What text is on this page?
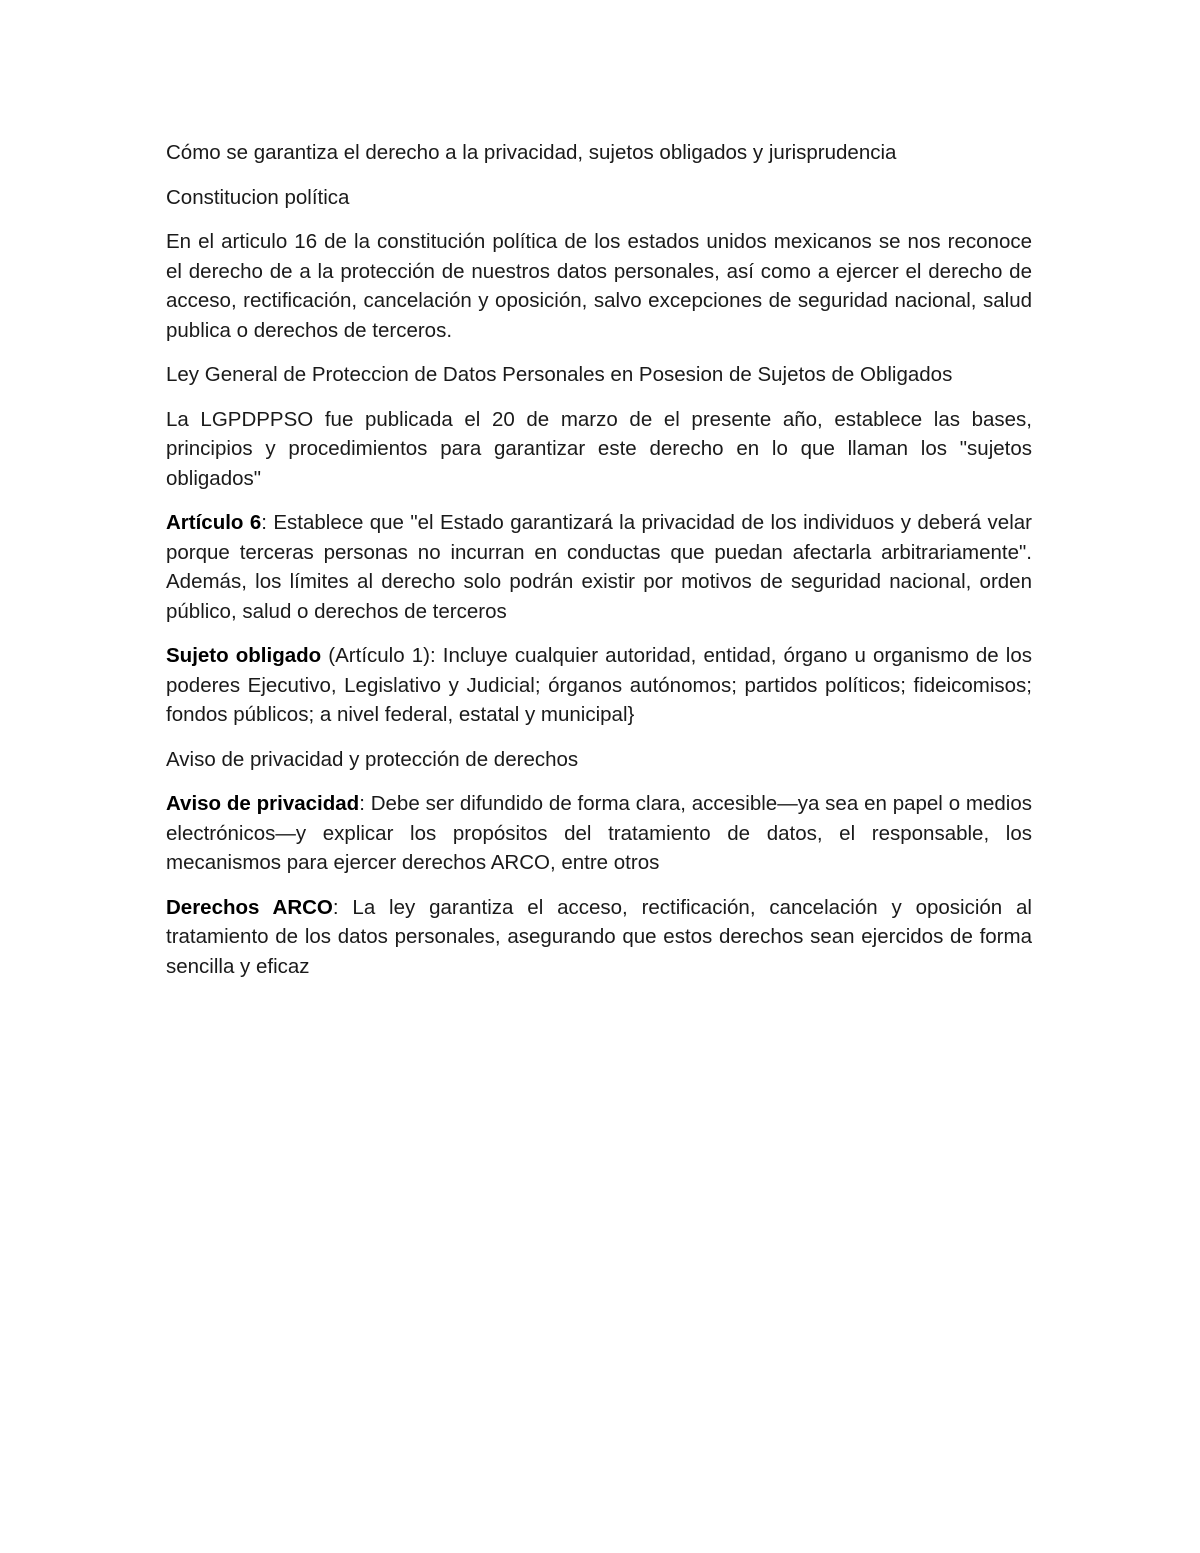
Cómo se garantiza el derecho a la privacidad, sujetos obligados y jurisprudencia

Constitucion política

En el articulo 16 de la constitución política de los estados unidos mexicanos se nos reconoce el derecho de a la protección de nuestros datos personales, así como a ejercer el derecho de acceso, rectificación, cancelación y oposición, salvo excepciones de seguridad nacional, salud publica o derechos de terceros.

Ley General de Proteccion de Datos Personales en Posesion de Sujetos de Obligados

La LGPDPPSO fue publicada el 20 de marzo de el presente año, establece las bases, principios y procedimientos para garantizar este derecho en lo que llaman los "sujetos obligados"

Artículo 6: Establece que "el Estado garantizará la privacidad de los individuos y deberá velar porque terceras personas no incurran en conductas que puedan afectarla arbitrariamente". Además, los límites al derecho solo podrán existir por motivos de seguridad nacional, orden público, salud o derechos de terceros

Sujeto obligado (Artículo 1): Incluye cualquier autoridad, entidad, órgano u organismo de los poderes Ejecutivo, Legislativo y Judicial; órganos autónomos; partidos políticos; fideicomisos; fondos públicos; a nivel federal, estatal y municipal}

Aviso de privacidad y protección de derechos

Aviso de privacidad: Debe ser difundido de forma clara, accesible—ya sea en papel o medios electrónicos—y explicar los propósitos del tratamiento de datos, el responsable, los mecanismos para ejercer derechos ARCO, entre otros

Derechos ARCO: La ley garantiza el acceso, rectificación, cancelación y oposición al tratamiento de los datos personales, asegurando que estos derechos sean ejercidos de forma sencilla y eficaz
